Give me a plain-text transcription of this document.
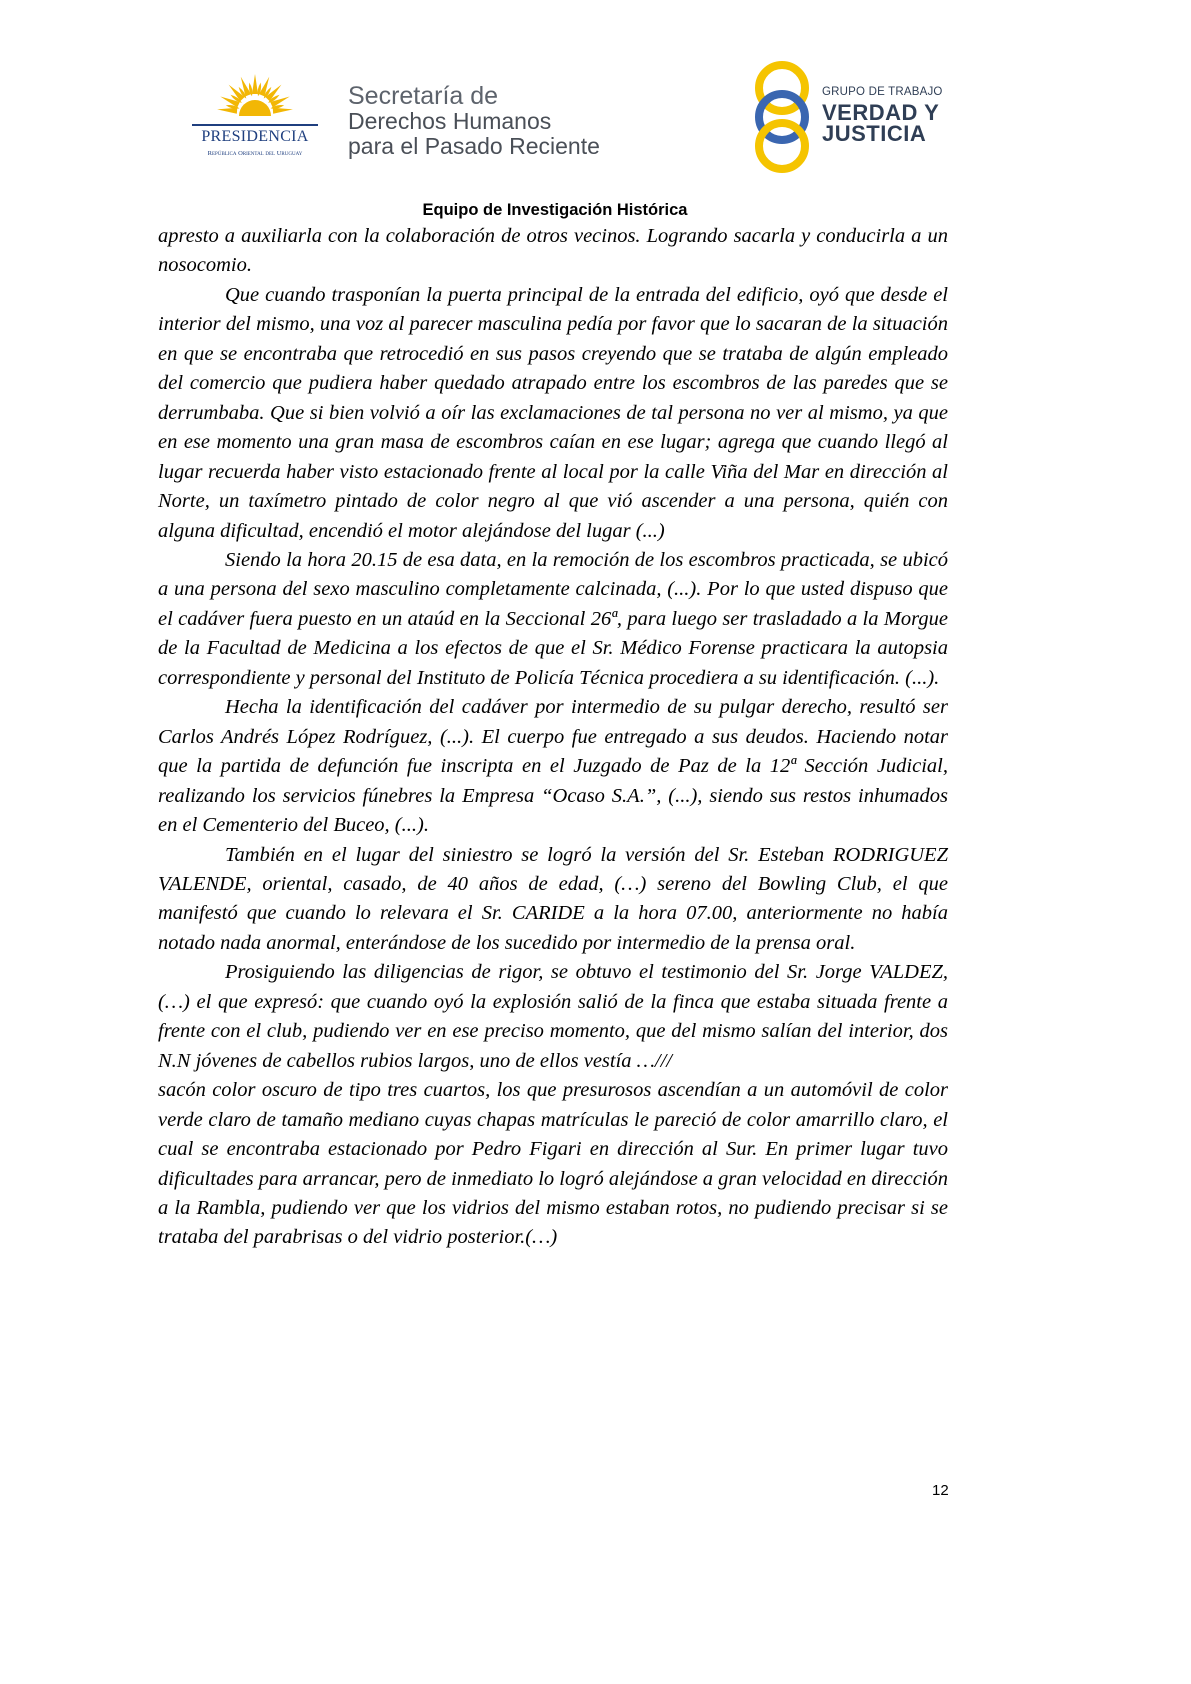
PRESIDENCIA
República Oriental del Uruguay
Secretaría de
Derechos Humanos
para el Pasado Reciente
GRUPO DE TRABAJO
VERDAD Y
JUSTICIA
Equipo de Investigación Histórica

apresto a auxiliarla con la colaboración de otros vecinos. Logrando sacarla y conducirla a un nosocomio.

Que cuando trasponían la puerta principal de la entrada del edificio, oyó que desde el interior del mismo, una voz al parecer masculina pedía por favor que lo sacaran de la situación en que se encontraba que retrocedió en sus pasos creyendo que se trataba de algún empleado del comercio que pudiera haber quedado atrapado entre los escombros de las paredes que se derrumbaba. Que si bien volvió a oír las exclamaciones de tal persona no ver al mismo, ya que en ese momento una gran masa de escombros caían en ese lugar; agrega que cuando llegó al lugar recuerda haber visto estacionado frente al local por la calle Viña del Mar en dirección al Norte, un taxímetro pintado de color negro al que vió ascender a una persona, quién con alguna dificultad, encendió el motor alejándose del lugar (...)

Siendo la hora 20.15 de esa data, en la remoción de los escombros practicada, se ubicó a una persona del sexo masculino completamente calcinada, (...). Por lo que usted dispuso que el cadáver fuera puesto en un ataúd en la Seccional 26ª, para luego ser trasladado a la Morgue de la Facultad de Medicina a los efectos de que el Sr. Médico Forense practicara la autopsia correspondiente y personal del Instituto de Policía Técnica procediera a su identificación. (...).

Hecha la identificación del cadáver por intermedio de su pulgar derecho, resultó ser Carlos Andrés López Rodríguez, (...). El cuerpo fue entregado a sus deudos. Haciendo notar que la partida de defunción fue inscripta en el Juzgado de Paz de la 12ª Sección Judicial, realizando los servicios fúnebres la Empresa “Ocaso S.A.”, (...), siendo sus restos inhumados en el Cementerio del Buceo, (...).

También en el lugar del siniestro se logró la versión del Sr. Esteban RODRIGUEZ VALENDE, oriental, casado, de 40 años de edad, (…) sereno del Bowling Club, el que manifestó que cuando lo relevara el Sr. CARIDE a la hora 07.00, anteriormente no había notado nada anormal, enterándose de los sucedido por intermedio de la prensa oral.

Prosiguiendo las diligencias de rigor, se obtuvo el testimonio del Sr. Jorge VALDEZ, (…) el que expresó: que cuando oyó la explosión salió de la finca que estaba situada frente a frente con el club, pudiendo ver en ese preciso momento, que del mismo salían del interior, dos N.N jóvenes de cabellos rubios largos, uno de ellos vestía …///

sacón color oscuro de tipo tres cuartos, los que presurosos ascendían a un automóvil de color verde claro de tamaño mediano cuyas chapas matrículas le pareció de color amarrillo claro, el cual se encontraba estacionado por Pedro Figari en dirección al Sur. En primer lugar tuvo dificultades para arrancar, pero de inmediato lo logró alejándose a gran velocidad en dirección a la Rambla, pudiendo ver que los vidrios del mismo estaban rotos, no pudiendo precisar si se trataba del parabrisas o del vidrio posterior.(…)

12
